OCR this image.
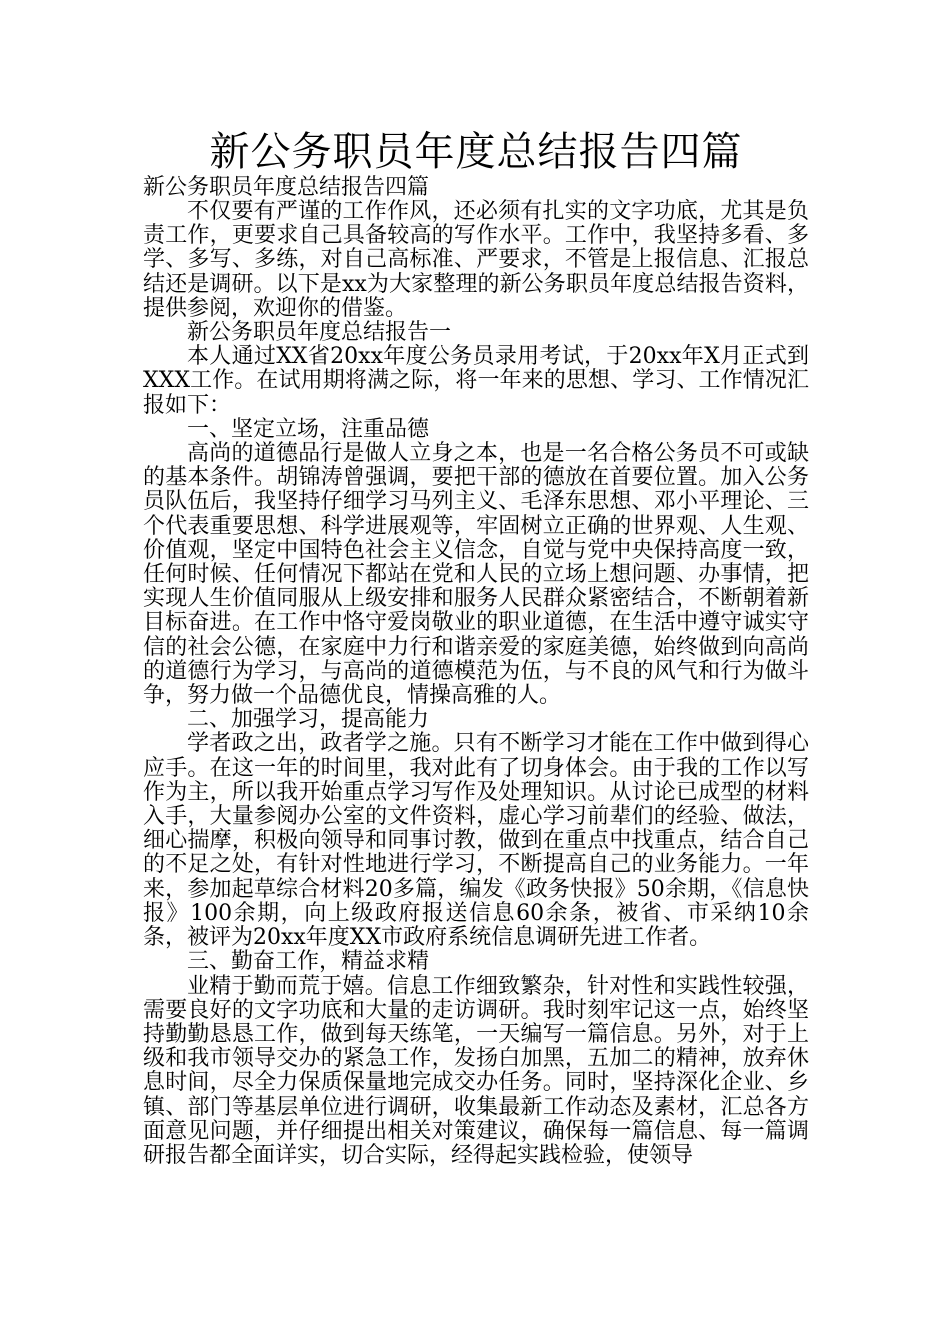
新公务职员年度总结报告四篇

新公务职员年度总结报告四篇

不仅要有严谨的工作作风，还必须有扎实的文字功底，尤其是负责工作，更要求自己具备较高的写作水平。工作中，我坚持多看、多学、多写、多练，对自己高标准、严要求，不管是上报信息、汇报总结还是调研。以下是xx为大家整理的新公务职员年度总结报告资料，提供参阅，欢迎你的借鉴。

新公务职员年度总结报告一

本人通过XX省20xx年度公务员录用考试，于20xx年X月正式到XXX工作。在试用期将满之际，将一年来的思想、学习、工作情况汇报如下：

一、坚定立场，注重品德

高尚的道德品行是做人立身之本，也是一名合格公务员不可或缺的基本条件。胡锦涛曾强调，要把干部的德放在首要位置。加入公务员队伍后，我坚持仔细学习马列主义、毛泽东思想、邓小平理论、三个代表重要思想、科学进展观等，牢固树立正确的世界观、人生观、价值观，坚定中国特色社会主义信念，自觉与党中央保持高度一致，任何时候、任何情况下都站在党和人民的立场上想问题、办事情，把实现人生价值同服从上级安排和服务人民群众紧密结合，不断朝着新目标奋进。在工作中恪守爱岗敬业的职业道德，在生活中遵守诚实守信的社会公德，在家庭中力行和谐亲爱的家庭美德，始终做到向高尚的道德行为学习，与高尚的道德模范为伍，与不良的风气和行为做斗争，努力做一个品德优良，情操高雅的人。

二、加强学习，提高能力

学者政之出，政者学之施。只有不断学习才能在工作中做到得心应手。在这一年的时间里，我对此有了切身体会。由于我的工作以写作为主，所以我开始重点学习写作及处理知识。从讨论已成型的材料入手，大量参阅办公室的文件资料，虚心学习前辈们的经验、做法，细心揣摩，积极向领导和同事讨教，做到在重点中找重点，结合自己的不足之处，有针对性地进行学习，不断提高自己的业务能力。一年来，参加起草综合材料20多篇，编发《政务快报》50余期，《信息快报》100余期，向上级政府报送信息60余条，被省、市采纳10余条，被评为20xx年度XX市政府系统信息调研先进工作者。

三、勤奋工作，精益求精

业精于勤而荒于嬉。信息工作细致繁杂，针对性和实践性较强，需要良好的文字功底和大量的走访调研。我时刻牢记这一点，始终坚持勤勤恳恳工作，做到每天练笔，一天编写一篇信息。另外，对于上级和我市领导交办的紧急工作，发扬白加黑，五加二的精神，放弃休息时间，尽全力保质保量地完成交办任务。同时，坚持深化企业、乡镇、部门等基层单位进行调研，收集最新工作动态及素材，汇总各方面意见问题，并仔细提出相关对策建议，确保每一篇信息、每一篇调研报告都全面详实，切合实际，经得起实践检验，使领导
